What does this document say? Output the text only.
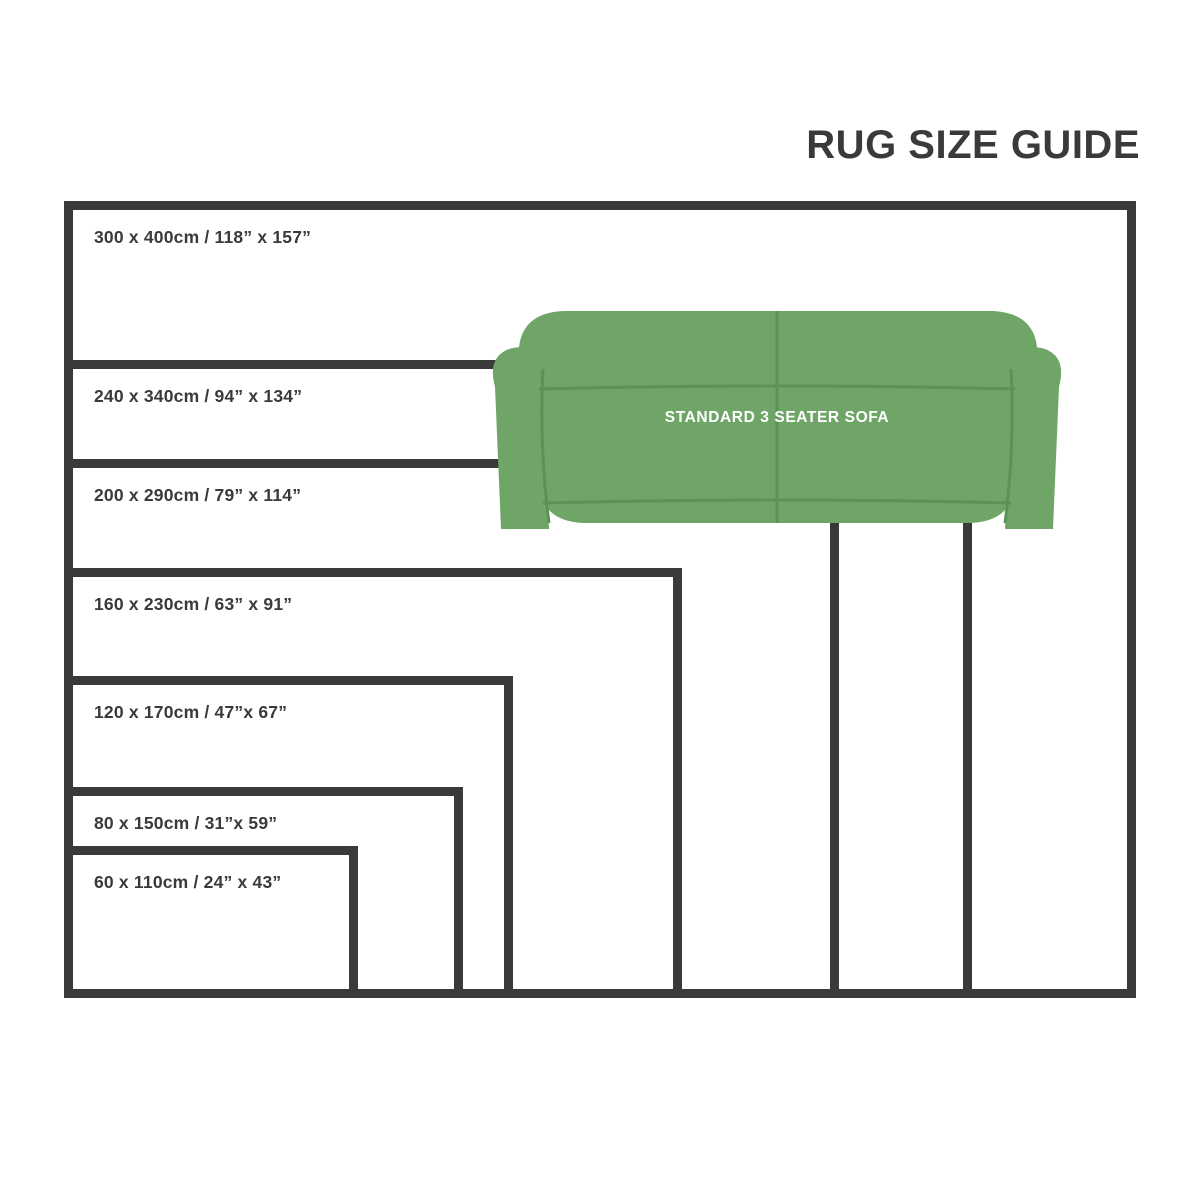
RUG SIZE GUIDE
STANDARD 3 SEATER SOFA
300 x 400cm / 118” x 157”
240 x 340cm / 94” x 134”
200 x 290cm / 79” x 114”
160 x 230cm / 63” x 91”
120 x 170cm / 47”x 67”
80 x 150cm / 31”x 59”
60 x 110cm / 24” x 43”
